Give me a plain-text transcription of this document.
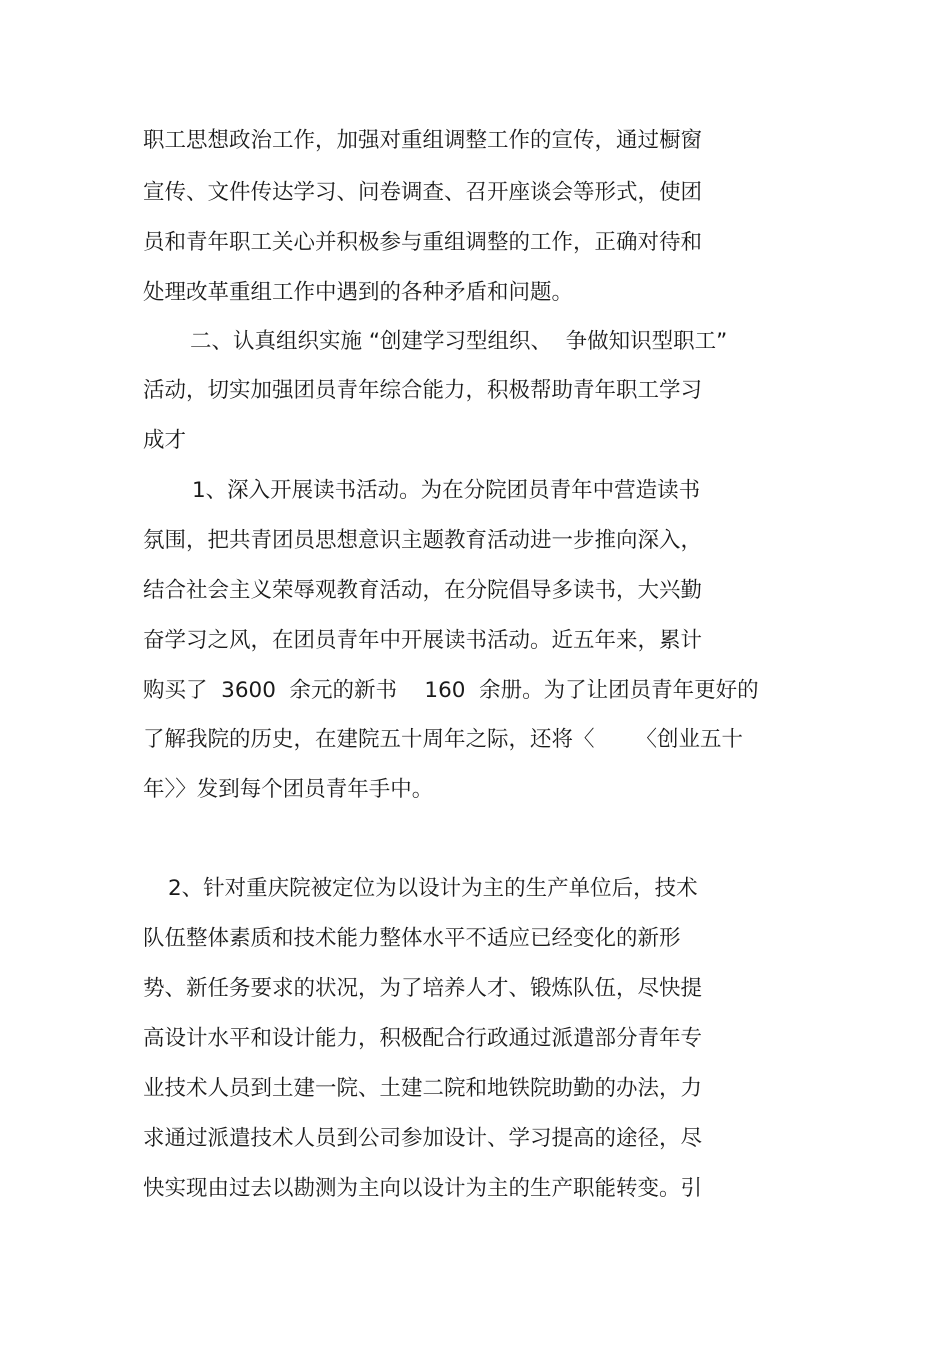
职工思想政治工作，加强对重组调整工作的宣传，通过橱窗
宣传、文件传达学习、问卷调查、召开座谈会等形式，使团
员和青年职工关心并积极参与重组调整的工作，正确对待和
处理改革重组工作中遇到的各种矛盾和问题。
二、认真组织实施 “创建学习型组织、  争做知识型职工”
活动，切实加强团员青年综合能力，积极帮助青年职工学习
成才
1、深入开展读书活动。为在分院团员青年中营造读书
氛围，把共青团员思想意识主题教育活动进一步推向深入，
结合社会主义荣辱观教育活动，在分院倡导多读书，大兴勤
奋学习之风，在团员青年中开展读书活动。近五年来，累计
购买了  3600  余元的新书    160  余册。为了让团员青年更好的
了解我院的历史，在建院五十周年之际，还将〈      〈创业五十
年〉〉发到每个团员青年手中。
2、针对重庆院被定位为以设计为主的生产单位后，技术
队伍整体素质和技术能力整体水平不适应已经变化的新形
势、新任务要求的状况，为了培养人才、锻炼队伍，尽快提
高设计水平和设计能力，积极配合行政通过派遣部分青年专
业技术人员到土建一院、土建二院和地铁院助勤的办法，力
求通过派遣技术人员到公司参加设计、学习提高的途径，尽
快实现由过去以勘测为主向以设计为主的生产职能转变。引
